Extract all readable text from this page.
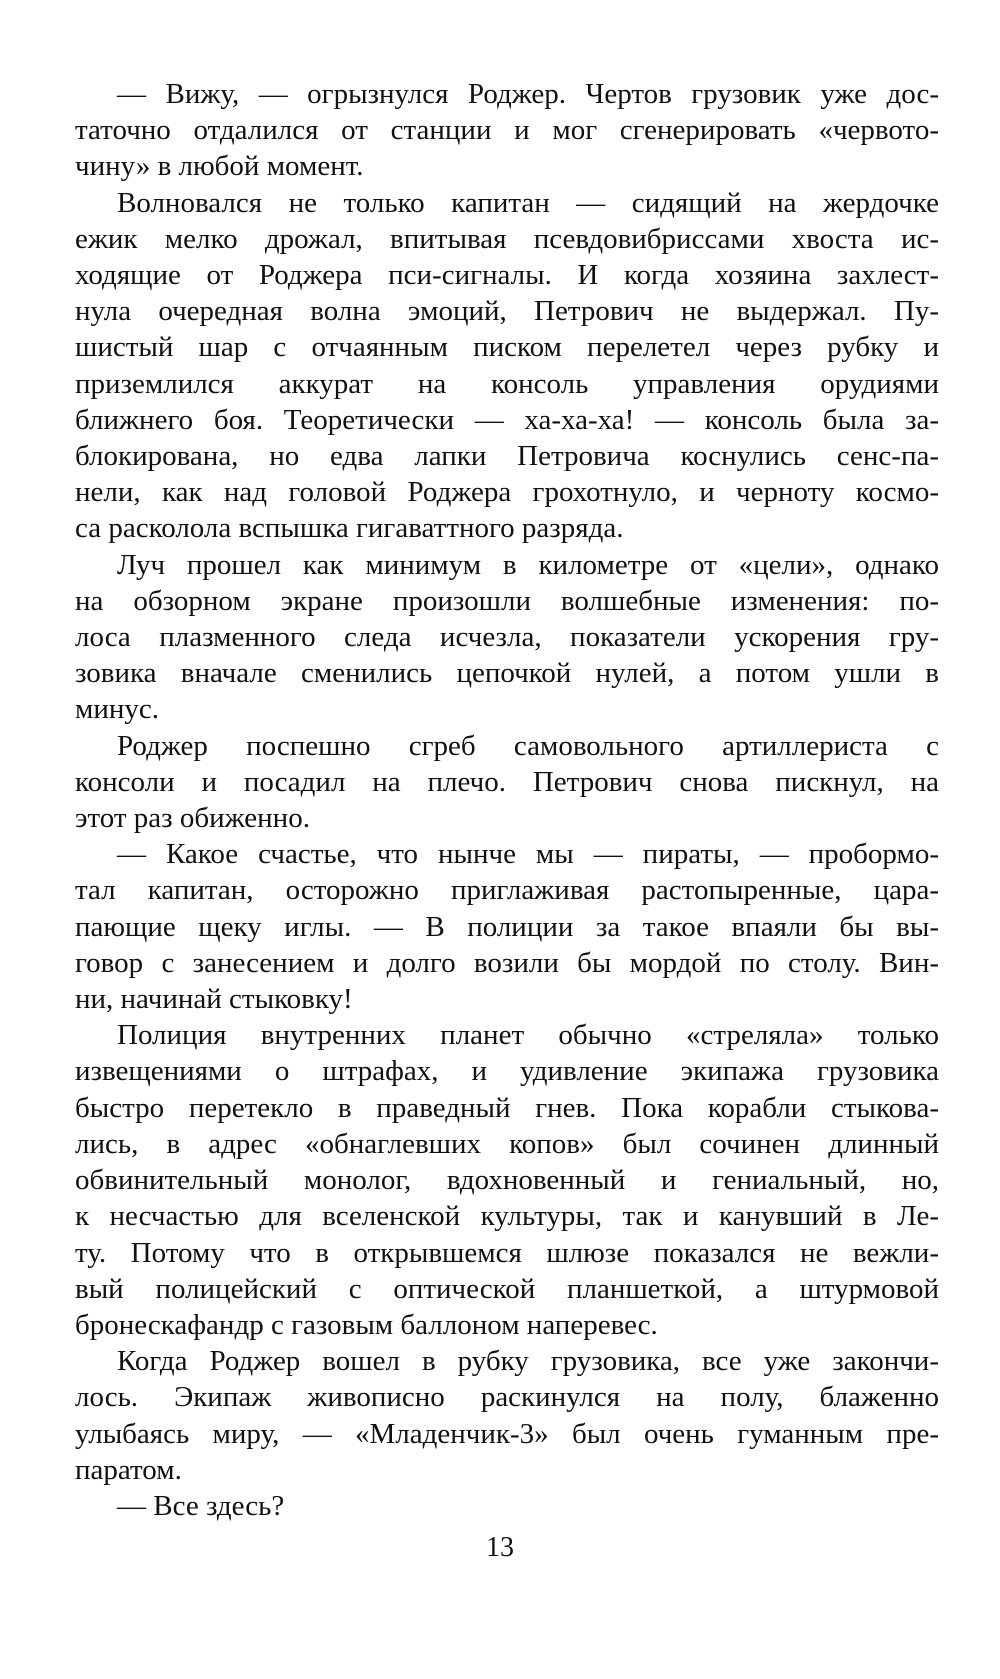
— Вижу, — огрызнулся Роджер. Чертов грузовик уже дос-
таточно отдалился от станции и мог сгенерировать «червото-
чину» в любой момент.
Волновался не только капитан — сидящий на жердочке
ежик мелко дрожал, впитывая псевдовибриссами хвоста ис-
ходящие от Роджера пси-сигналы. И когда хозяина захлест-
нула очередная волна эмоций, Петрович не выдержал. Пу-
шистый шар с отчаянным писком перелетел через рубку и
приземлился аккурат на консоль управления орудиями
ближнего боя. Теоретически — ха-ха-ха! — консоль была за-
блокирована, но едва лапки Петровича коснулись сенс-па-
нели, как над головой Роджера грохотнуло, и черноту космо-
са расколола вспышка гигаваттного разряда.
Луч прошел как минимум в километре от «цели», однако
на обзорном экране произошли волшебные изменения: по-
лоса плазменного следа исчезла, показатели ускорения гру-
зовика вначале сменились цепочкой нулей, а потом ушли в
минус.
Роджер поспешно сгреб самовольного артиллериста с
консоли и посадил на плечо. Петрович снова пискнул, на
этот раз обиженно.
— Какое счастье, что нынче мы — пираты, — пробормо-
тал капитан, осторожно приглаживая растопыренные, цара-
пающие щеку иглы. — В полиции за такое впаяли бы вы-
говор с занесением и долго возили бы мордой по столу. Вин-
ни, начинай стыковку!
Полиция внутренних планет обычно «стреляла» только
извещениями о штрафах, и удивление экипажа грузовика
быстро перетекло в праведный гнев. Пока корабли стыкова-
лись, в адрес «обнаглевших копов» был сочинен длинный
обвинительный монолог, вдохновенный и гениальный, но,
к несчастью для вселенской культуры, так и канувший в Ле-
ту. Потому что в открывшемся шлюзе показался не вежли-
вый полицейский с оптической планшеткой, а штурмовой
бронескафандр с газовым баллоном наперевес.
Когда Роджер вошел в рубку грузовика, все уже закончи-
лось. Экипаж живописно раскинулся на полу, блаженно
улыбаясь миру, — «Младенчик-3» был очень гуманным пре-
паратом.
— Все здесь?
13
